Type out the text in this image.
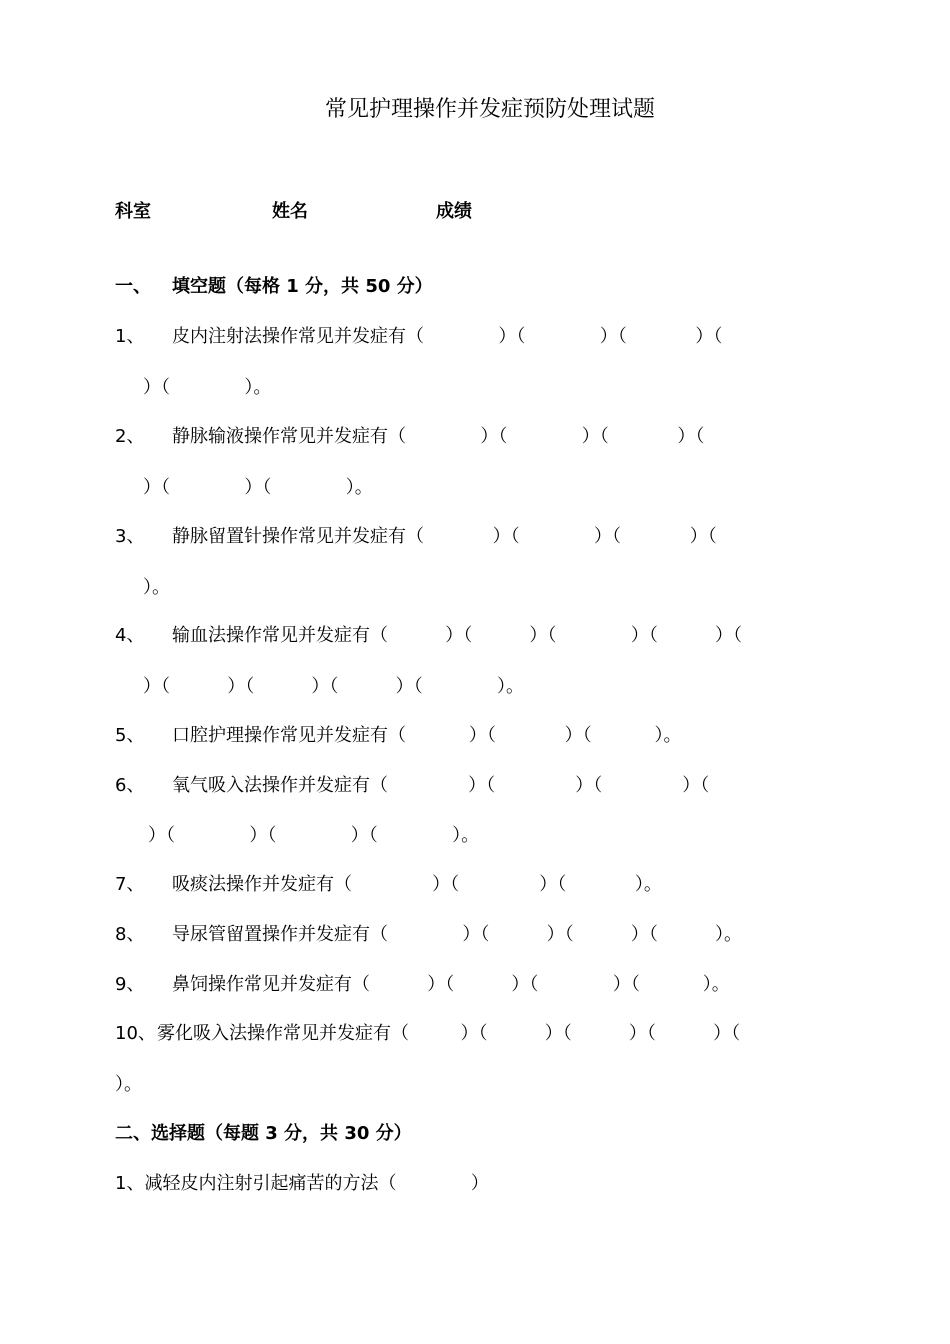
常见护理操作并发症预防处理试题
科室	姓名	成绩
一、 填空题（每格 1 分，共 50 分）
1、 皮内注射法操作常见并发症有（             ）（             ）（            ）（
）（             ）。
2、 静脉输液操作常见并发症有（             ）（             ）（            ）（
）（             ）（             ）。
3、 静脉留置针操作常见并发症有（            ）（             ）（            ）（
）。
4、 输血法操作常见并发症有（          ）（          ）（             ）（          ）（
）（          ）（          ）（          ）（             ）。
5、 口腔护理操作常见并发症有（           ）（            ）（           ）。
6、 氧气吸入法操作并发症有（              ）（              ）（              ）（
）（             ）（             ）（             ）。
7、 吸痰法操作并发症有（              ）（              ）（            ）。
8、 导尿管留置操作并发症有（             ）（          ）（          ）（          ）。
9、 鼻饲操作常见并发症有（          ）（          ）（             ）（           ）。
10、 雾化吸入法操作常见并发症有（         ）（          ）（          ）（          ）（
）。
二、选择题（每题 3 分，共 30 分）
1、减轻皮内注射引起痛苦的方法（             ）
